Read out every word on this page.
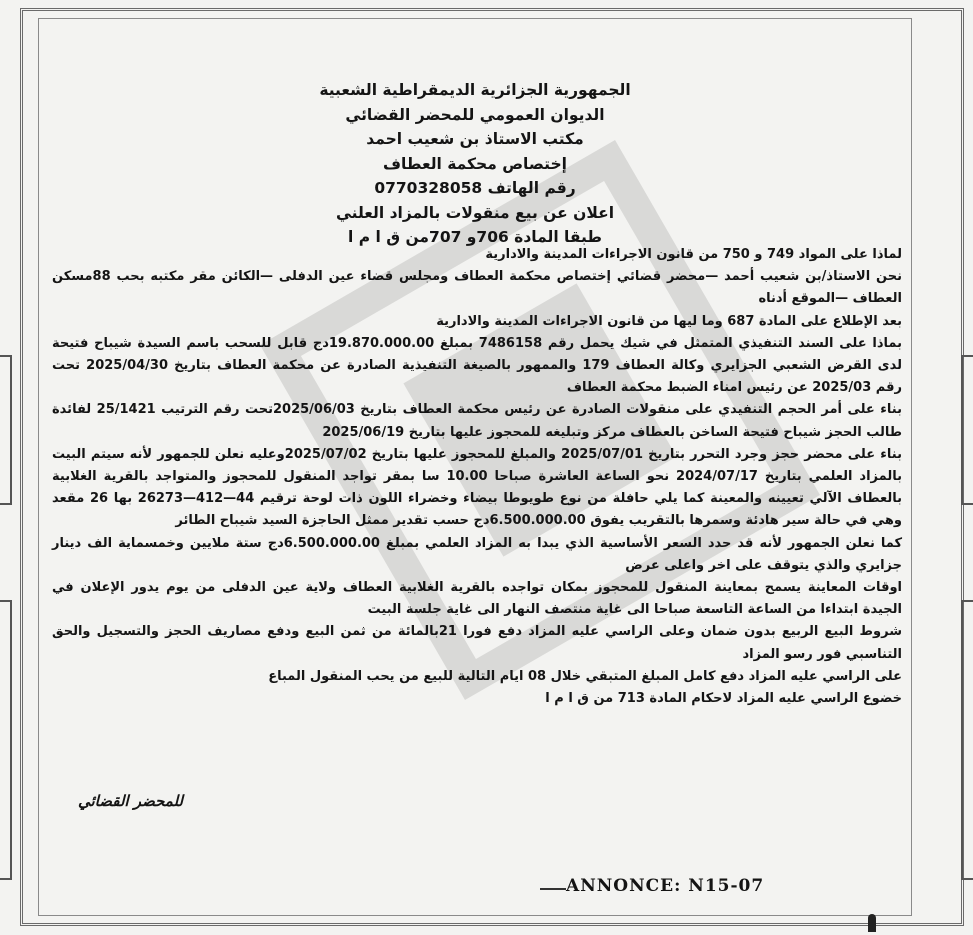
الجمهورية الجزائرية الديمقراطية الشعبية
الديوان العمومي للمحضر القضائي
مكتب الاستاذ بن شعيب احمد
إختصاص محكمة العطاف
رقم الهاتف 0770328058
اعلان عن بيع منقولات بالمزاد العلني
طبقا المادة 706و 707من ق ا م ا
لماذا على المواد 749 و 750 من قانون الاجراءات المدينة والادارية
نحن الاستاذ/بن شعيب أحمد —محضر قضائي إختصاص محكمة العطاف ومجلس قضاء عين الدفلى —الكائن مقر مكتبه بحب 88مسكن العطاف —الموقع أدناه
بعد الإطلاع على المادة 687 وما ليها من قانون الاجراءات المدينة والادارية
بماذا على السند التنفيذي المتمثل في شيك يحمل رقم 7486158 بمبلغ 19.870.000.00دج قابل للسحب باسم السيدة شيباح فتيحة لدى القرض الشعبي الجزايري وكالة العطاف 179 والممهور بالصيغة التنفيذية الصادرة عن محكمة العطاف بتاريخ 2025/04/30 تحت رقم 2025/03 عن رئيس امناء الضبط محكمة العطاف
بناء على أمر الحجم التنفيدي على منقولات الصادرة عن رئيس محكمة العطاف بتاريخ 2025/06/03تحت رقم الترتيب 25/1421 لفائدة طالب الحجز شيباح فتيحة الساخن بالعطاف مركز وتبليغه للمحجوز عليها بتاريخ 2025/06/19
بناء على محضر حجز وجرد التحرر بتاريخ 2025/07/01 والمبلغ للمحجوز عليها بتاريخ 2025/07/02وعليه نعلن للجمهور لأنه سيتم البيت بالمزاد العلمي بتاريخ 2024/07/17 نحو الساعة العاشرة صباحا 10.00 سا بمقر تواجد المنقول للمحجوز والمتواجد بالقرية الغلابية بالعطاف الآلي تعيينه والمعينة كما يلي حافلة من نوع طويوطا بيضاء وخضراء اللون ذات لوحة ترقيم 44—412—26273 بها 26 مقعد وهي في حالة سير هادئة وسمرها بالتقريب يفوق 6.500.000.00دج حسب تقدير ممثل الحاجزة السيد شيباح الطائر
كما نعلن الجمهور لأنه قد حدد السعر الأساسية الذي يبدا به المزاد العلمي بمبلغ 6.500.000.00دج ستة ملايين وخمسماية الف دينار جزايري والذي يتوقف على اخر واعلى عرض
اوقات المعاينة يسمح بمعاينة المنقول للمحجوز بمكان تواجده بالقرية الغلابية العطاف ولاية عين الدفلى من يوم يدور الإعلان في الجيدة ابتداءا من الساعة التاسعة صباحا الى غاية منتصف النهار الى غاية جلسة البيت
شروط البيع الربيع بدون ضمان وعلى الراسي عليه المزاد دفع فورا 21بالمائة من ثمن البيع ودفع مصاريف الحجز والتسجيل والحق التناسبي فور رسو المزاد
على الراسي عليه المزاد دفع كامل المبلغ المتبقي خلال 08 ايام التالية للبيع من يحب المنقول المباع
خضوع الراسي عليه المزاد لاحكام المادة 713 من ق ا م ا
للمحضر القضائي
ANNONCE: N15-07
